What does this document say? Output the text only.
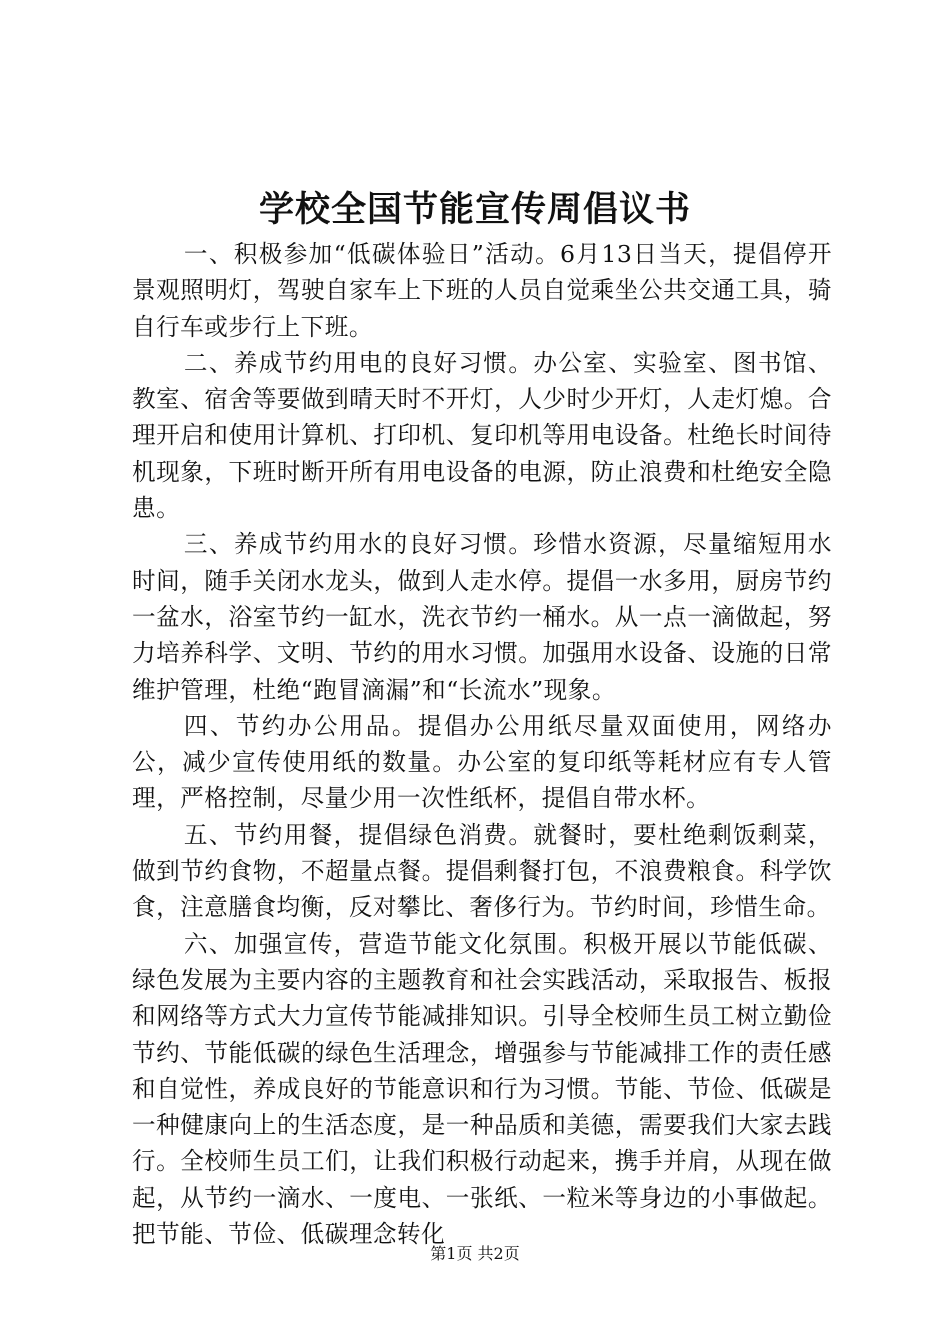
学校全国节能宣传周倡议书

一、积极参加“低碳体验日”活动。6月13日当天，提倡停开景观照明灯，驾驶自家车上下班的人员自觉乘坐公共交通工具，骑自行车或步行上下班。

二、养成节约用电的良好习惯。办公室、实验室、图书馆、教室、宿舍等要做到晴天时不开灯，人少时少开灯，人走灯熄。合理开启和使用计算机、打印机、复印机等用电设备。杜绝长时间待机现象，下班时断开所有用电设备的电源，防止浪费和杜绝安全隐患。

三、养成节约用水的良好习惯。珍惜水资源，尽量缩短用水时间，随手关闭水龙头，做到人走水停。提倡一水多用，厨房节约一盆水，浴室节约一缸水，洗衣节约一桶水。从一点一滴做起，努力培养科学、文明、节约的用水习惯。加强用水设备、设施的日常维护管理，杜绝“跑冒滴漏”和“长流水”现象。

四、节约办公用品。提倡办公用纸尽量双面使用，网络办公，减少宣传使用纸的数量。办公室的复印纸等耗材应有专人管理，严格控制，尽量少用一次性纸杯，提倡自带水杯。

五、节约用餐，提倡绿色消费。就餐时，要杜绝剩饭剩菜，做到节约食物，不超量点餐。提倡剩餐打包，不浪费粮食。科学饮食，注意膳食均衡，反对攀比、奢侈行为。节约时间，珍惜生命。

六、加强宣传，营造节能文化氛围。积极开展以节能低碳、绿色发展为主要内容的主题教育和社会实践活动，采取报告、板报和网络等方式大力宣传节能减排知识。引导全校师生员工树立勤俭节约、节能低碳的绿色生活理念，增强参与节能减排工作的责任感和自觉性，养成良好的节能意识和行为习惯。节能、节俭、低碳是一种健康向上的生活态度，是一种品质和美德，需要我们大家去践行。全校师生员工们，让我们积极行动起来，携手并肩，从现在做起，从节约一滴水、一度电、一张纸、一粒米等身边的小事做起。把节能、节俭、低碳理念转化

第1页 共2页
